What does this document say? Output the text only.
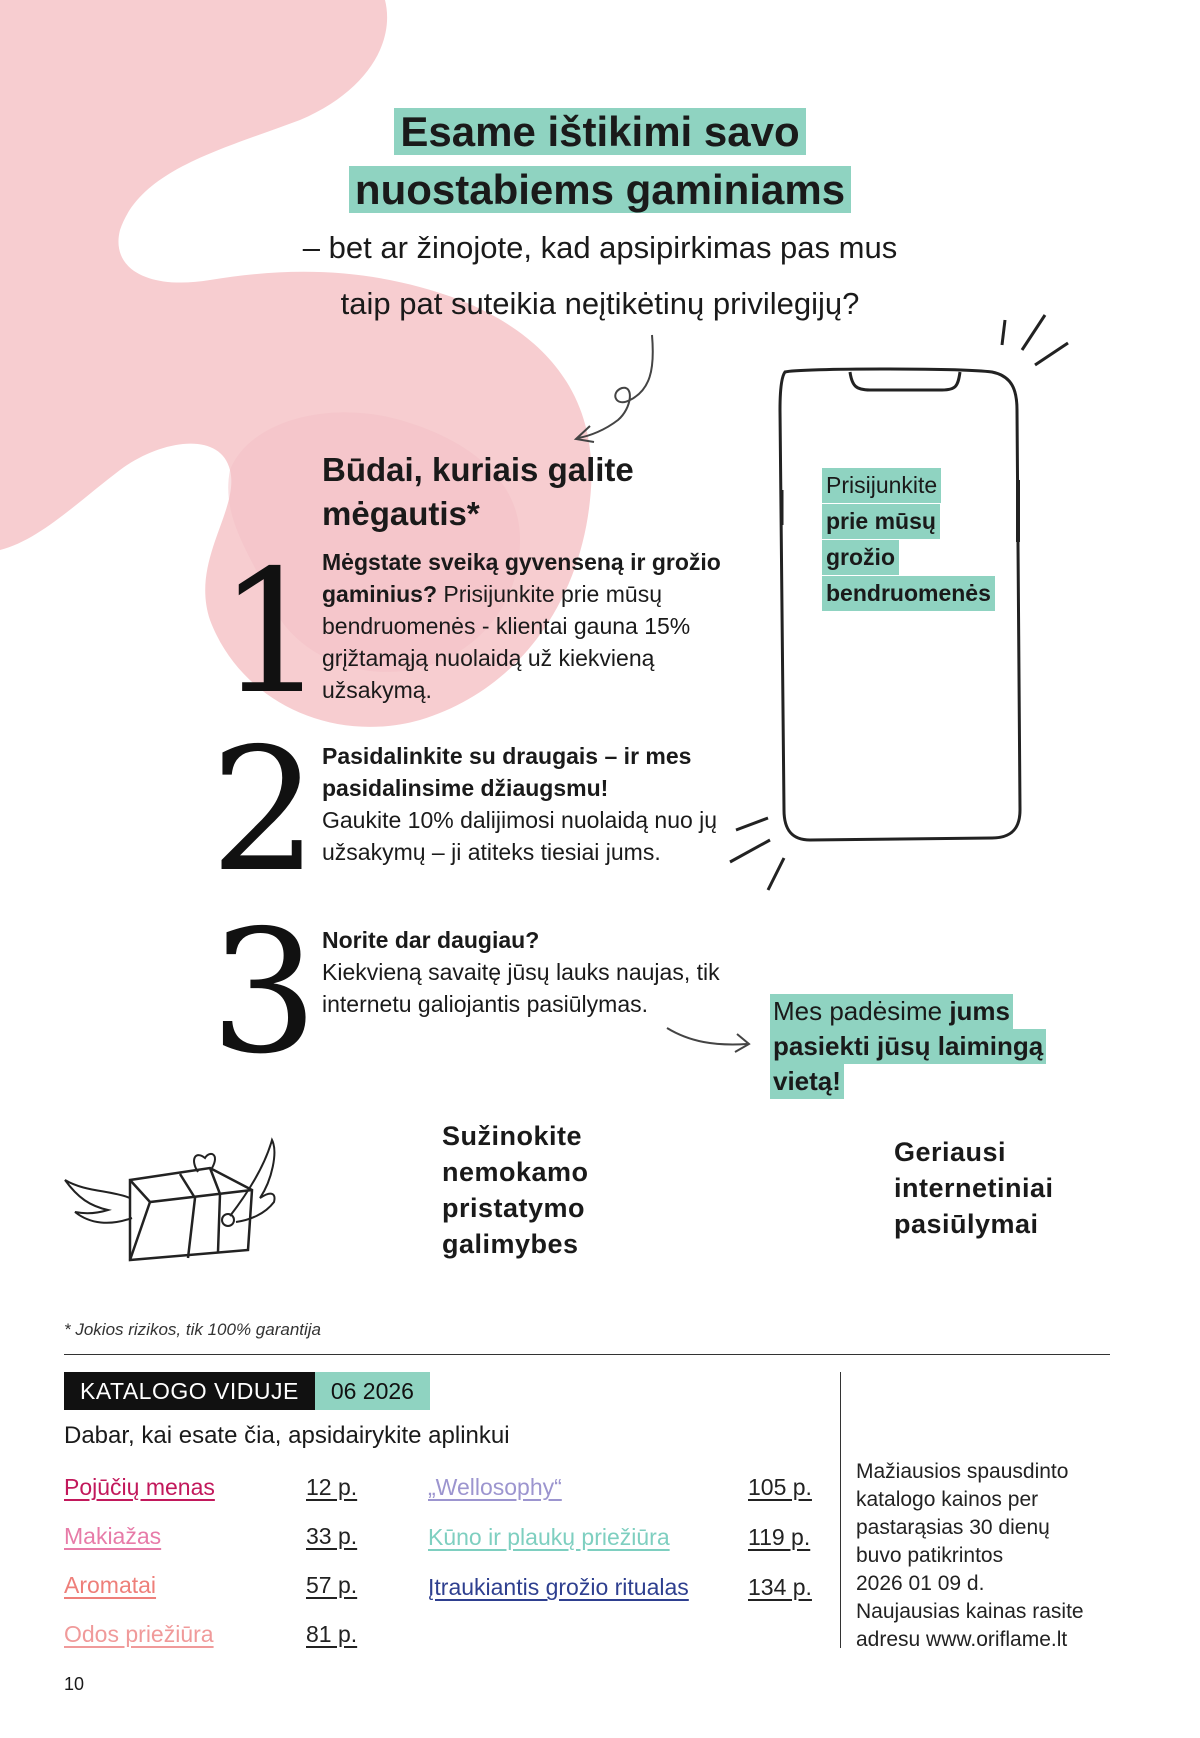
Esame ištikimi savo
nuostabiems gaminiams
– bet ar žinojote, kad apsipirkimas pas mus
taip pat suteikia neįtikėtinų privilegijų?
Būdai, kuriais galite
mėgautis*
1
Mėgstate sveiką gyvenseną ir grožio gaminius? Prisijunkite prie mūsų bendruomenės - klientai gauna 15% grįžtamąją nuolaidą už kiekvieną užsakymą.
2 Pasidalinkite su draugais – ir mes pasidalinsime džiaugsmu!
Gaukite 10% dalijimosi nuolaidą nuo jų užsakymų – ji atiteks tiesiai jums.
3 Norite dar daugiau?
Kiekvieną savaitę jūsų lauks naujas, tik internetu galiojantis pasiūlymas.
Prisijunkite
prie mūsų
grožio
bendruomenės
Mes padėsime jums
pasiekti jūsų laimingą
vietą!
Sužinokite
nemokamo
pristatymo
galimybes
Geriausi
internetiniai
pasiūlymai
* Jokios rizikos, tik 100% garantija
KATALOGO VIDUJE	06 2026
Dabar, kai esate čia, apsidairykite aplinkui
Pojūčių menas	12 p.
Makiažas	33 p.
Aromatai	57 p.
Odos priežiūra	81 p.
„Wellosophy“	105 p.
Kūno ir plaukų priežiūra	119 p.
Įtraukiantis grožio ritualas	134 p.
Mažiausios spausdinto
katalogo kainos per
pastarąsias 30 dienų
buvo patikrintos
2026 01 09 d.
Naujausias kainas rasite
adresu www.oriflame.lt
10
